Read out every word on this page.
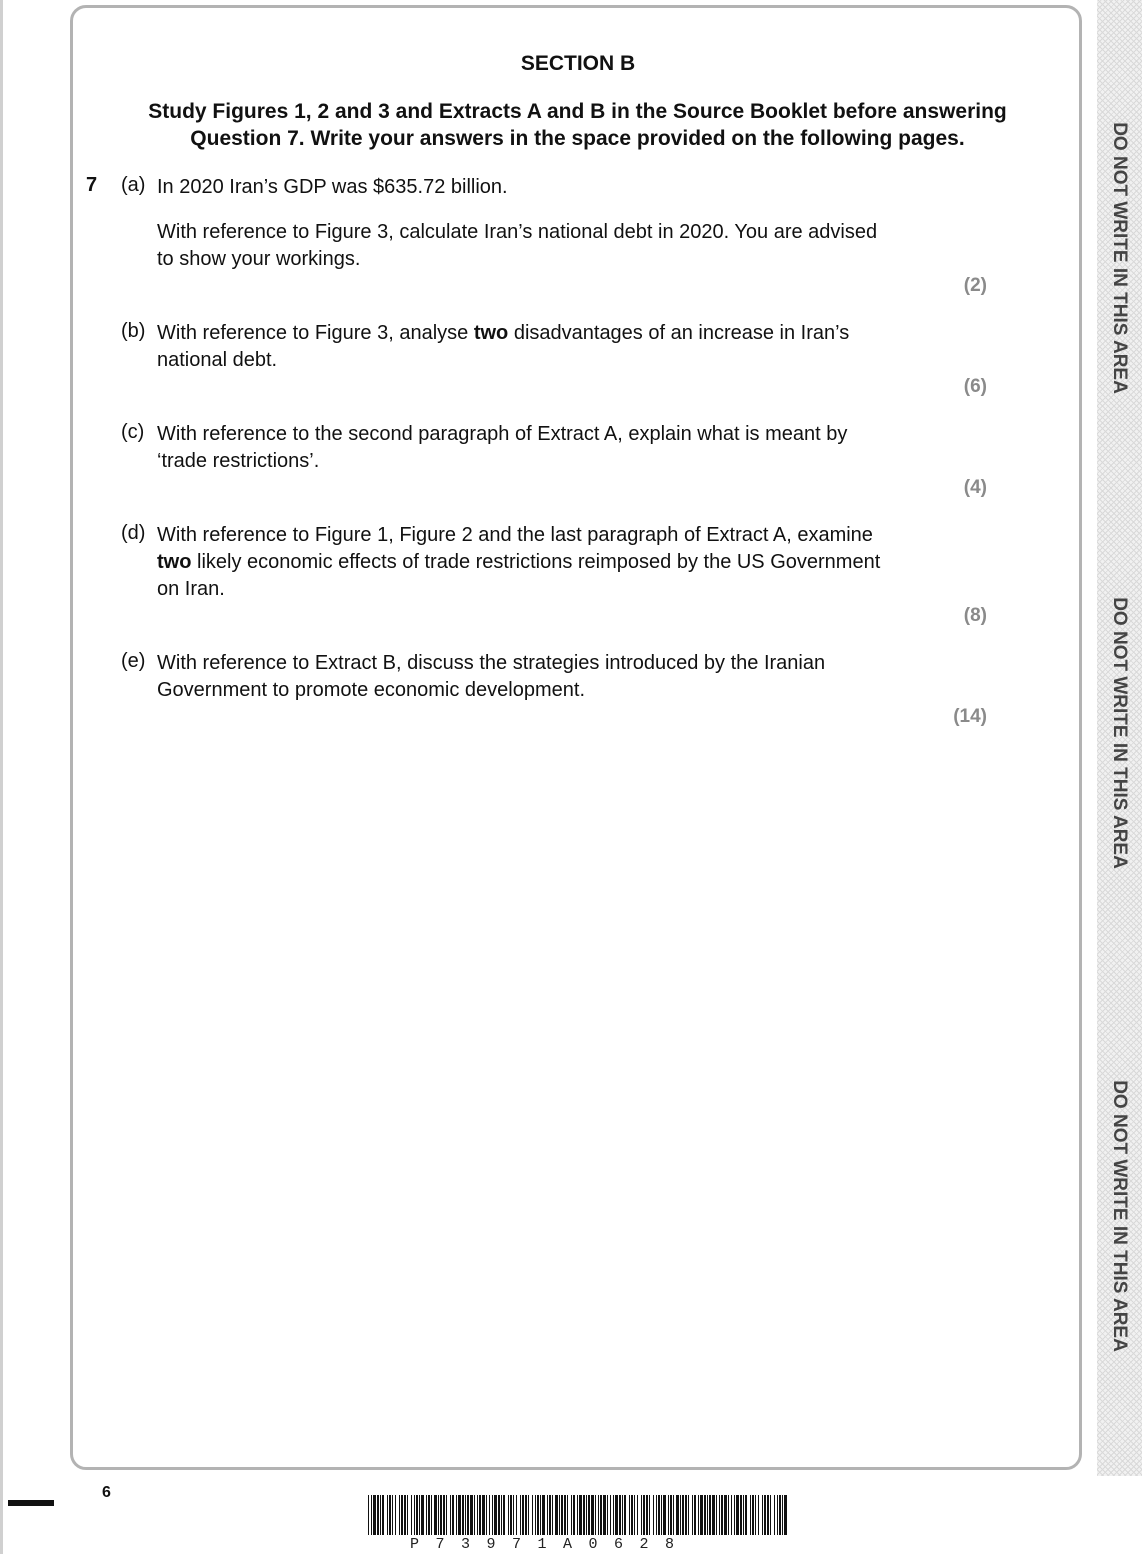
DO NOT WRITE IN THIS AREA
DO NOT WRITE IN THIS AREA
DO NOT WRITE IN THIS AREA
SECTION B
Study Figures 1, 2 and 3 and Extracts A and B in the Source Booklet before answering
Question 7. Write your answers in the space provided on the following pages.
7 (a) In 2020 Iran’s GDP was $635.72 billion.
With reference to Figure 3, calculate Iran’s national debt in 2020. You are advised
to show your workings.
(2)
(b) With reference to Figure 3, analyse two disadvantages of an increase in Iran’s
national debt.
(6)
(c) With reference to the second paragraph of Extract A, explain what is meant by
‘trade restrictions’.
(4)
(d) With reference to Figure 1, Figure 2 and the last paragraph of Extract A, examine
two likely economic effects of trade restrictions reimposed by the US Government
on Iran.
(8)
(e) With reference to Extract B, discuss the strategies introduced by the Iranian
Government to promote economic development.
(14)
6
P73971A0628
